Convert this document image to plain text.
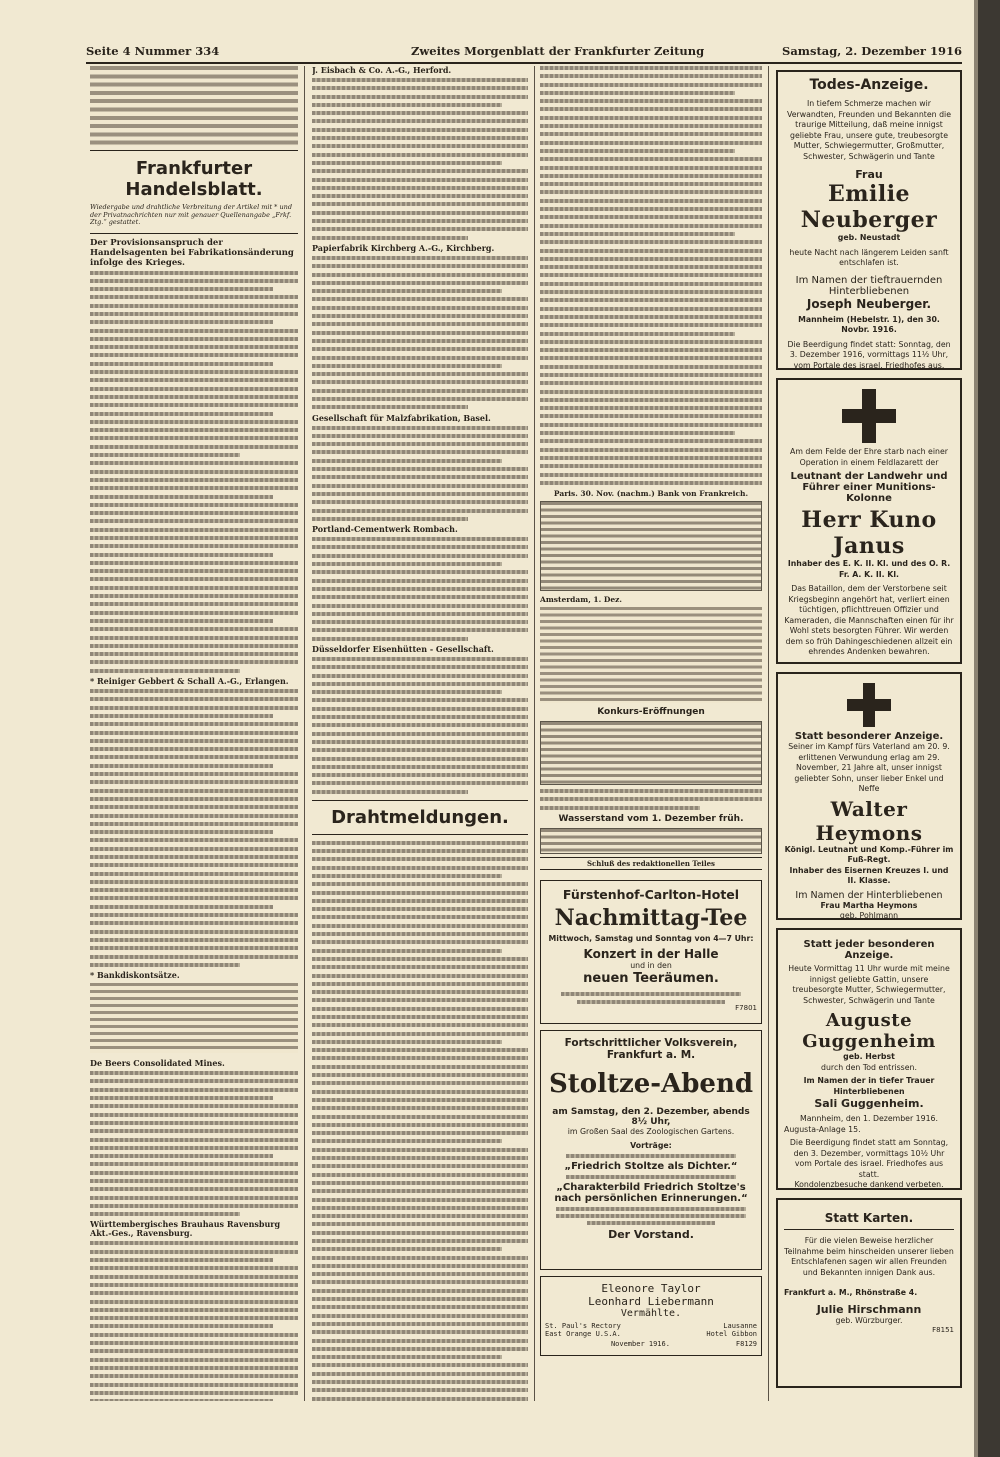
Seite 4 Nummer 334	Zweites Morgenblatt der Frankfurter Zeitung	Samstag, 2. Dezember 1916
Frankfurter Handelsblatt.
Wiedergabe und drahtliche Verbreitung der Artikel mit * und der Privatnachrichten nur mit genauer Quellenangabe „Frkf. Ztg.“ gestattet.
Der Provisionsanspruch der Handelsagenten bei Fabrikationsänderung infolge des Krieges.
* Reiniger Gebbert & Schall A.-G., Erlangen.
* Bankdiskontsätze.
De Beers Consolidated Mines.
Württembergisches Brauhaus Ravensburg Akt.-Ges., Ravensburg.
J. Eisbach & Co. A.-G., Herford.
Papierfabrik Kirchberg A.-G., Kirchberg.
Gesellschaft für Malzfabrikation, Basel.
Portland-Cementwerk Rombach.
Düsseldorfer Eisenhütten - Gesellschaft.
Drahtmeldungen.
Paris. 30. Nov. (nachm.) Bank von Frankreich.
Amsterdam, 1. Dez.
Konkurs-Eröffnungen
Wasserstand vom 1. Dezember früh.
Schluß des redaktionellen Teiles
Fürstenhof-Carlton-Hotel
Nachmittag-Tee
Mittwoch, Samstag und Sonntag von 4—7 Uhr:
Konzert in der Halle
und in den
neuen Teeräumen.
F7801
Fortschrittlicher Volksverein, Frankfurt a. M.
Stoltze-Abend
am Samstag, den 2. Dezember, abends 8½ Uhr,
im Großen Saal des Zoologischen Gartens.
Vorträge:
„Friedrich Stoltze als Dichter.“
„Charakterbild Friedrich Stoltze's nach persönlichen Erinnerungen.“
Der Vorstand.
Eleonore Taylor
Leonhard Liebermann
Vermählte.
St. Paul's Rectory
East Orange U.S.A.
Lausanne
Hotel Gibbon
November 1916.	F8129

Todes-Anzeige.

In tiefem Schmerze machen wir Verwandten, Freunden und Bekannten die traurige Mitteilung, daß meine innigst geliebte Frau, unsere gute, treubesorgte Mutter, Schwiegermutter, Großmutter, Schwester, Schwägerin und Tante

Frau

Emilie Neuberger

geb. Neustadt

heute Nacht nach längerem Leiden sanft entschlafen ist.

Im Namen der tieftrauernden Hinterbliebenen

Joseph Neuberger.

Mannheim (Hebelstr. 1), den 30. Novbr. 1916.

Die Beerdigung findet statt: Sonntag, den 3. Dezember 1916, vormittags 11½ Uhr, vom Portale des israel. Friedhofes aus.

Am dem Felde der Ehre starb nach einer Operation in einem Feldlazarett der

Leutnant der Landwehr und Führer einer Munitions-Kolonne

Herr Kuno Janus

Inhaber des E. K. II. Kl. und des O. R. Fr. A. K. II. Kl.

Das Bataillon, dem der Verstorbene seit Kriegsbeginn angehört hat, verliert einen tüchtigen, pflichttreuen Offizier und Kameraden, die Mannschaften einen für ihr Wohl stets besorgten Führer. Wir werden dem so früh Dahingeschiedenen allzeit ein ehrendes Andenken bewahren.

Statt besonderer Anzeige.

Seiner im Kampf fürs Vaterland am 20. 9. erlittenen Verwundung erlag am 29. November, 21 Jahre alt, unser innigst geliebter Sohn, unser lieber Enkel und Neffe

Walter Heymons

Königl. Leutnant und Komp.-Führer im Fuß-Regt.

Inhaber des Eisernen Kreuzes I. und II. Klasse.

Im Namen der Hinterbliebenen

Frau Martha Heymons

geb. Pohlmann

Statt jeder besonderen Anzeige.

Heute Vormittag 11 Uhr wurde mit meine innigst geliebte Gattin, unsere treubesorgte Mutter, Schwiegermutter, Schwester, Schwägerin und Tante

Auguste Guggenheim

geb. Herbst

durch den Tod entrissen.

Im Namen der in tiefer Trauer Hinterbliebenen

Sali Guggenheim.

Mannheim, den 1. Dezember 1916.

Augusta-Anlage 15.

Die Beerdigung findet statt am Sonntag, den 3. Dezember, vormittags 10½ Uhr vom Portale des israel. Friedhofes aus statt.

Kondolenzbesuche dankend verbeten.

Statt Karten.

Für die vielen Beweise herzlicher Teilnahme beim hinscheiden unserer lieben Entschlafenen sagen wir allen Freunden und Bekannten innigen Dank aus.

Frankfurt a. M., Rhönstraße 4.

Julie Hirschmann

geb. Würzburger.

F8151
